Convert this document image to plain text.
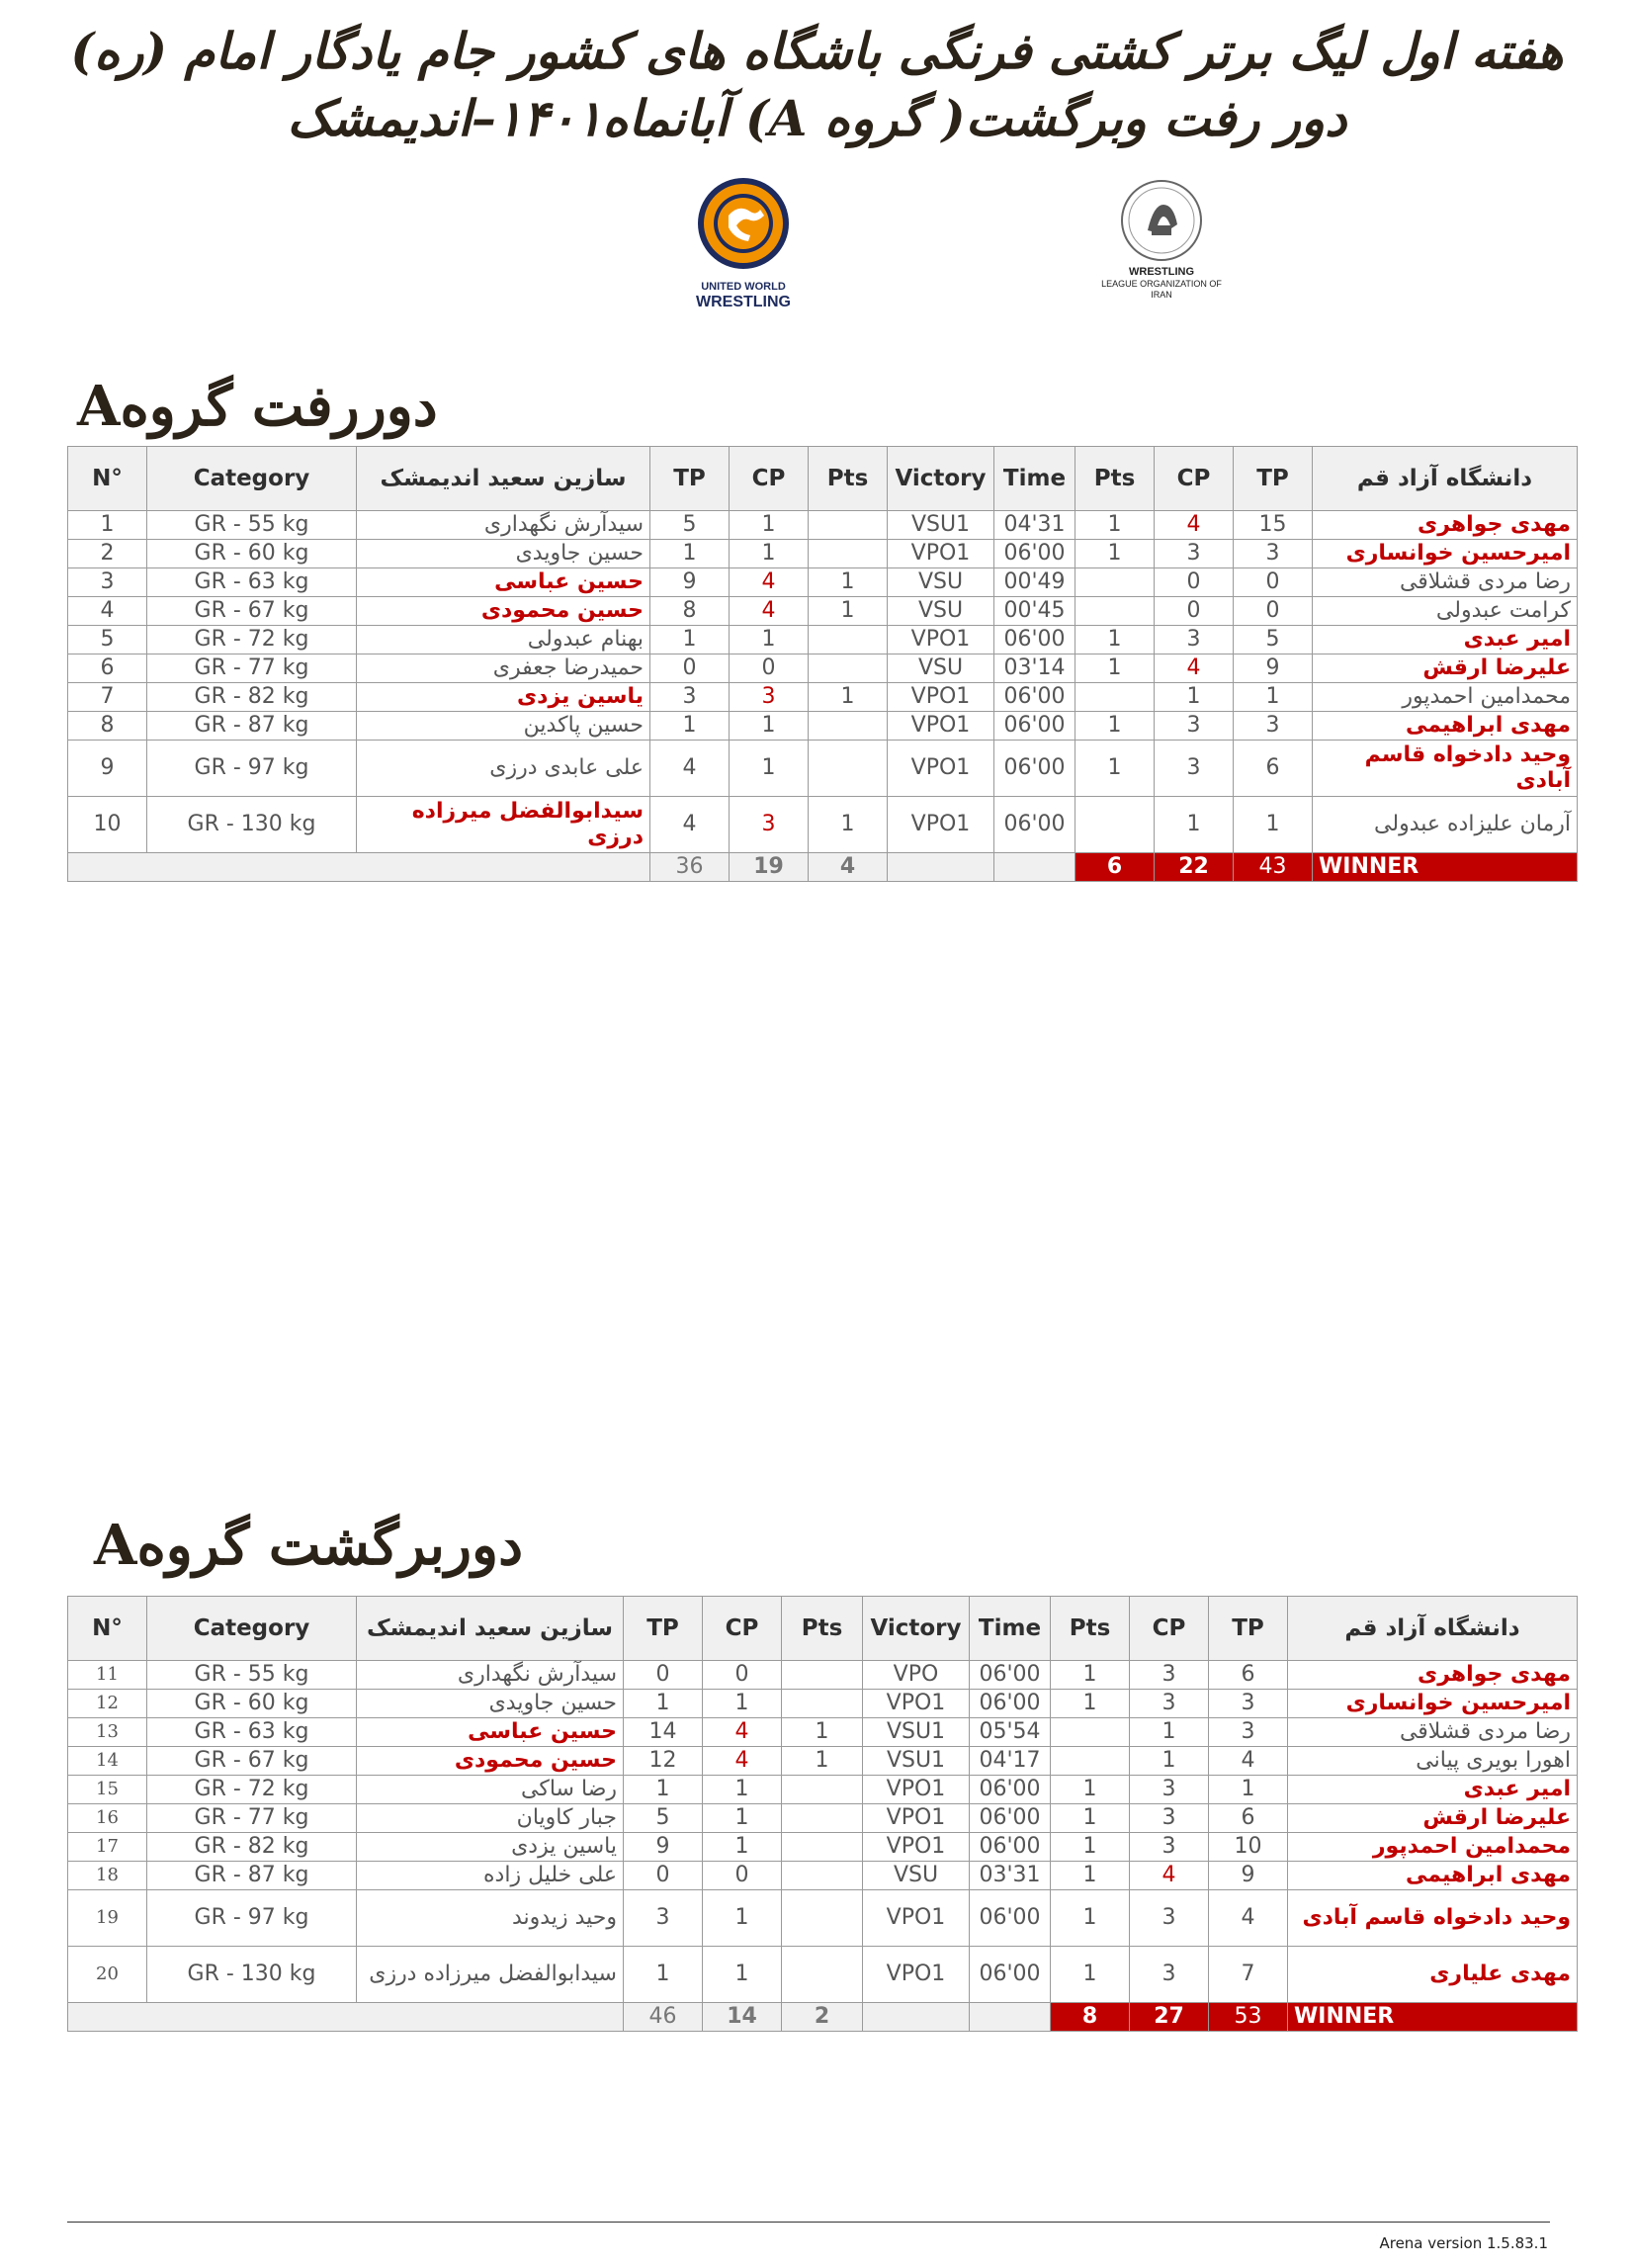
هفته اول لیگ برتر کشتی فرنگی باشگاه های کشور جام یادگار امام (ره)
دور رفت وبرگشت( گروه A) آبانماه۱۴۰۱–اندیمشک
UNITED WORLD
WRESTLING
WRESTLING
LEAGUE ORGANIZATION OF
IRAN
دوررفت گروهA
N°	Category	سازین سعید اندیمشک	TP	CP	Pts	Victory	Time	Pts	CP	TP	دانشگاه آزاد قم
1	GR - 55 kg	سیدآرش نگهداری	5	1		VSU1	04'31	1	4	15	مهدی جواهری
2	GR - 60 kg	حسین جاویدی	1	1		VPO1	06'00	1	3	3	امیرحسین خوانساری
3	GR - 63 kg	حسین عباسی	9	4	1	VSU	00'49		0	0	رضا مردی قشلاقی
4	GR - 67 kg	حسین محمودی	8	4	1	VSU	00'45		0	0	کرامت عبدولی
5	GR - 72 kg	بهنام عبدولی	1	1		VPO1	06'00	1	3	5	امیر عبدی
6	GR - 77 kg	حمیدرضا جعفری	0	0		VSU	03'14	1	4	9	علیرضا ارقش
7	GR - 82 kg	یاسین یزدی	3	3	1	VPO1	06'00		1	1	محمدامین احمدپور
8	GR - 87 kg	حسین پاکدین	1	1		VPO1	06'00	1	3	3	مهدی ابراهیمی
9	GR - 97 kg	علی عابدی درزی	4	1		VPO1	06'00	1	3	6	وحید دادخواه قاسم آبادی
10	GR - 130 kg	سیدابوالفضل میرزاده درزی	4	3	1	VPO1	06'00		1	1	آرمان علیزاده عبدولی
			36	19	4			6	22	43	WINNER
دوربرگشت گروهA
N°	Category	سازین سعید اندیمشک	TP	CP	Pts	Victory	Time	Pts	CP	TP	دانشگاه آزاد قم
11	GR - 55 kg	سیدآرش نگهداری	0	0		VPO	06'00	1	3	6	مهدی جواهری
12	GR - 60 kg	حسین جاویدی	1	1		VPO1	06'00	1	3	3	امیرحسین خوانساری
13	GR - 63 kg	حسین عباسی	14	4	1	VSU1	05'54		1	3	رضا مردی قشلاقی
14	GR - 67 kg	حسین محمودی	12	4	1	VSU1	04'17		1	4	اهورا بویری پیانی
15	GR - 72 kg	رضا ساکی	1	1		VPO1	06'00	1	3	1	امیر عبدی
16	GR - 77 kg	جبار کاویان	5	1		VPO1	06'00	1	3	6	علیرضا ارقش
17	GR - 82 kg	یاسین یزدی	9	1		VPO1	06'00	1	3	10	محمدامین احمدپور
18	GR - 87 kg	علی خلیل زاده	0	0		VSU	03'31	1	4	9	مهدی ابراهیمی
19	GR - 97 kg	وحید زیدوند	3	1		VPO1	06'00	1	3	4	وحید دادخواه قاسم آبادی
20	GR - 130 kg	سیدابوالفضل میرزاده درزی	1	1		VPO1	06'00	1	3	7	مهدی علیاری
			46	14	2			8	27	53	WINNER
Arena version 1.5.83.1
